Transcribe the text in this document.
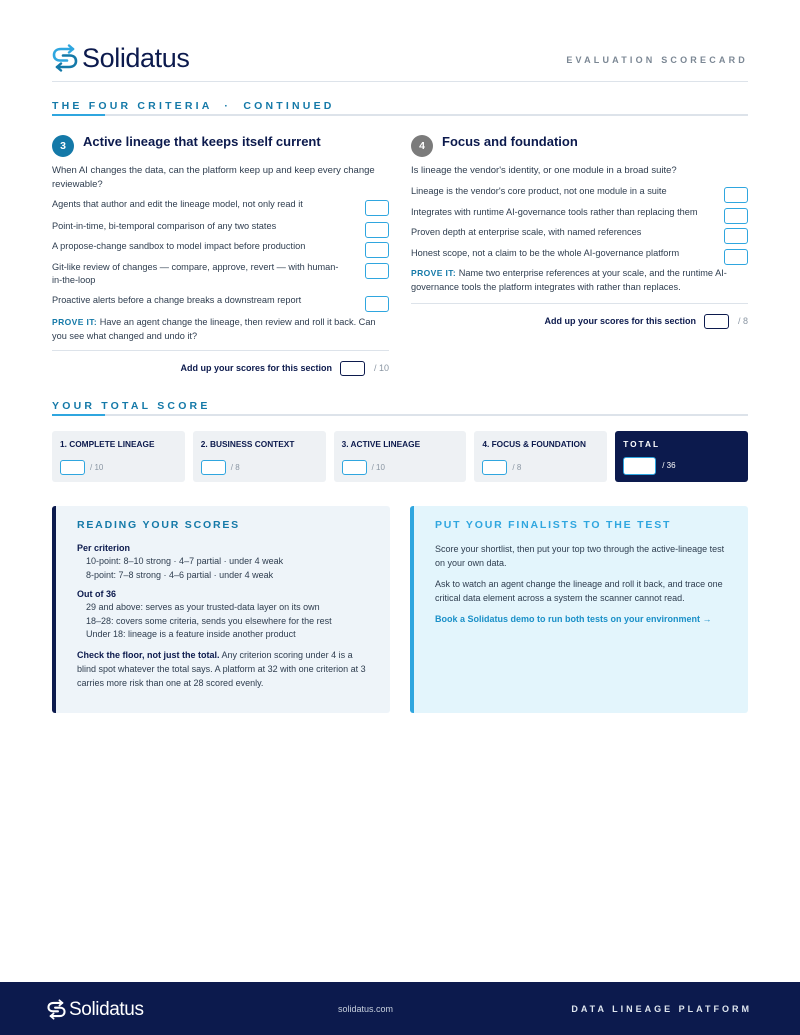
Solidatus	EVALUATION SCORECARD
THE FOUR CRITERIA  ·  CONTINUED
3	Active lineage that keeps itself current
When AI changes the data, can the platform keep up and keep every change reviewable?
Agents that author and edit the lineage model, not only read it
Point-in-time, bi-temporal comparison of any two states
A propose-change sandbox to model impact before production
Git-like review of changes — compare, approve, revert — with human-in-the-loop
Proactive alerts before a change breaks a downstream report
PROVE IT: Have an agent change the lineage, then review and roll it back. Can you see what changed and undo it?
Add up your scores for this section	/ 10
4	Focus and foundation
Is lineage the vendor's identity, or one module in a broad suite?
Lineage is the vendor's core product, not one module in a suite
Integrates with runtime AI-governance tools rather than replacing them
Proven depth at enterprise scale, with named references
Honest scope, not a claim to be the whole AI-governance platform
PROVE IT: Name two enterprise references at your scale, and the runtime AI-governance tools the platform integrates with rather than replaces.
Add up your scores for this section	/ 8
YOUR TOTAL SCORE
1. COMPLETE LINEAGE
/ 10
2. BUSINESS CONTEXT
/ 8
3. ACTIVE LINEAGE
/ 10
4. FOCUS & FOUNDATION
/ 8
TOTAL
/ 36
READING YOUR SCORES
Per criterion
10-point: 8–10 strong · 4–7 partial · under 4 weak
8-point: 7–8 strong · 4–6 partial · under 4 weak
Out of 36
29 and above: serves as your trusted-data layer on its own
18–28: covers some criteria, sends you elsewhere for the rest
Under 18: lineage is a feature inside another product
Check the floor, not just the total. Any criterion scoring under 4 is a blind spot whatever the total says. A platform at 32 with one criterion at 3 carries more risk than one at 28 scored evenly.
PUT YOUR FINALISTS TO THE TEST
Score your shortlist, then put your top two through the active-lineage test on your own data.
Ask to watch an agent change the lineage and roll it back, and trace one critical data element across a system the scanner cannot read.
Book a Solidatus demo to run both tests on your environment →
Solidatus	solidatus.com	DATA LINEAGE PLATFORM
